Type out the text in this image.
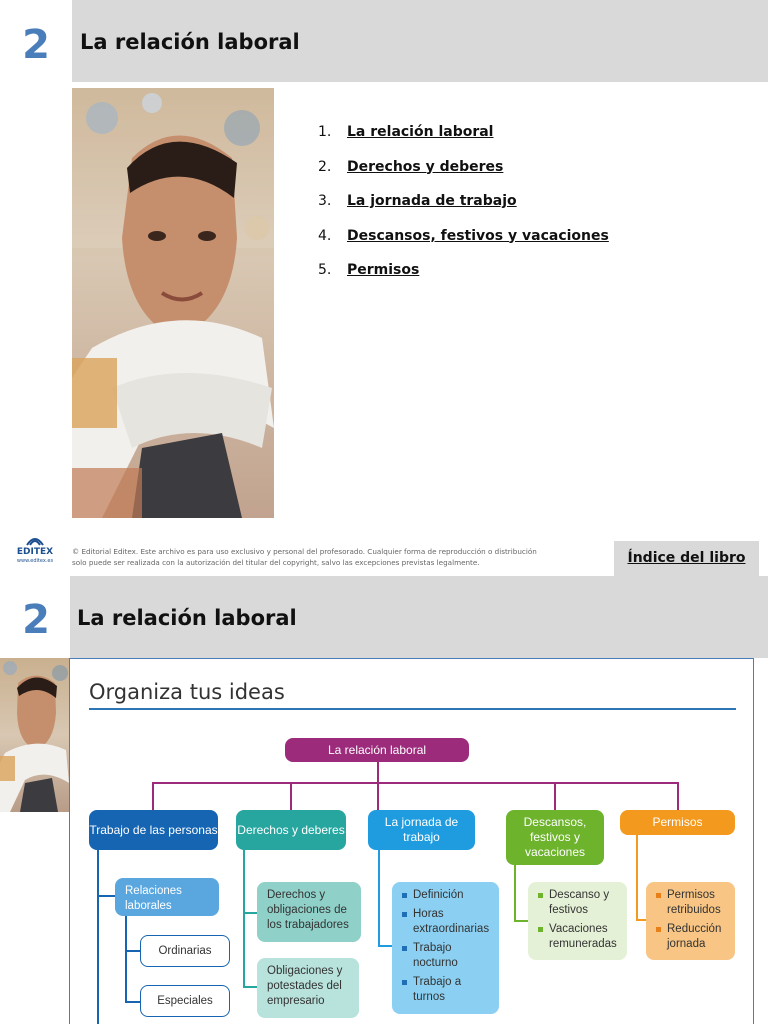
2	La relación laboral
1. La relación laboral
2. Derechos y deberes
3. La jornada de trabajo
4. Descansos, festivos y vacaciones
5. Permisos
EDITEX
www.editex.es
© Editorial Editex. Este archivo es para uso exclusivo y personal del profesorado. Cualquier forma de reproducción o distribución
solo puede ser realizada con la autorización del titular del copyright, salvo las excepciones previstas legalmente.	Índice del libro
2	La relación laboral
Organiza tus ideas
La relación laboral
Trabajo de las personas Derechos y deberes
La jornada de trabajo
Descansos, festivos y vacaciones
Permisos
Relaciones laborales
Ordinarias
Especiales
Derechos y obligaciones de los trabajadores
Obligaciones y potestades del empresario
Definición
Horas extraordinarias
Trabajo nocturno
Trabajo a turnos
Descanso y festivos
Vacaciones remuneradas
Permisos retribuidos
Reducción jornada
